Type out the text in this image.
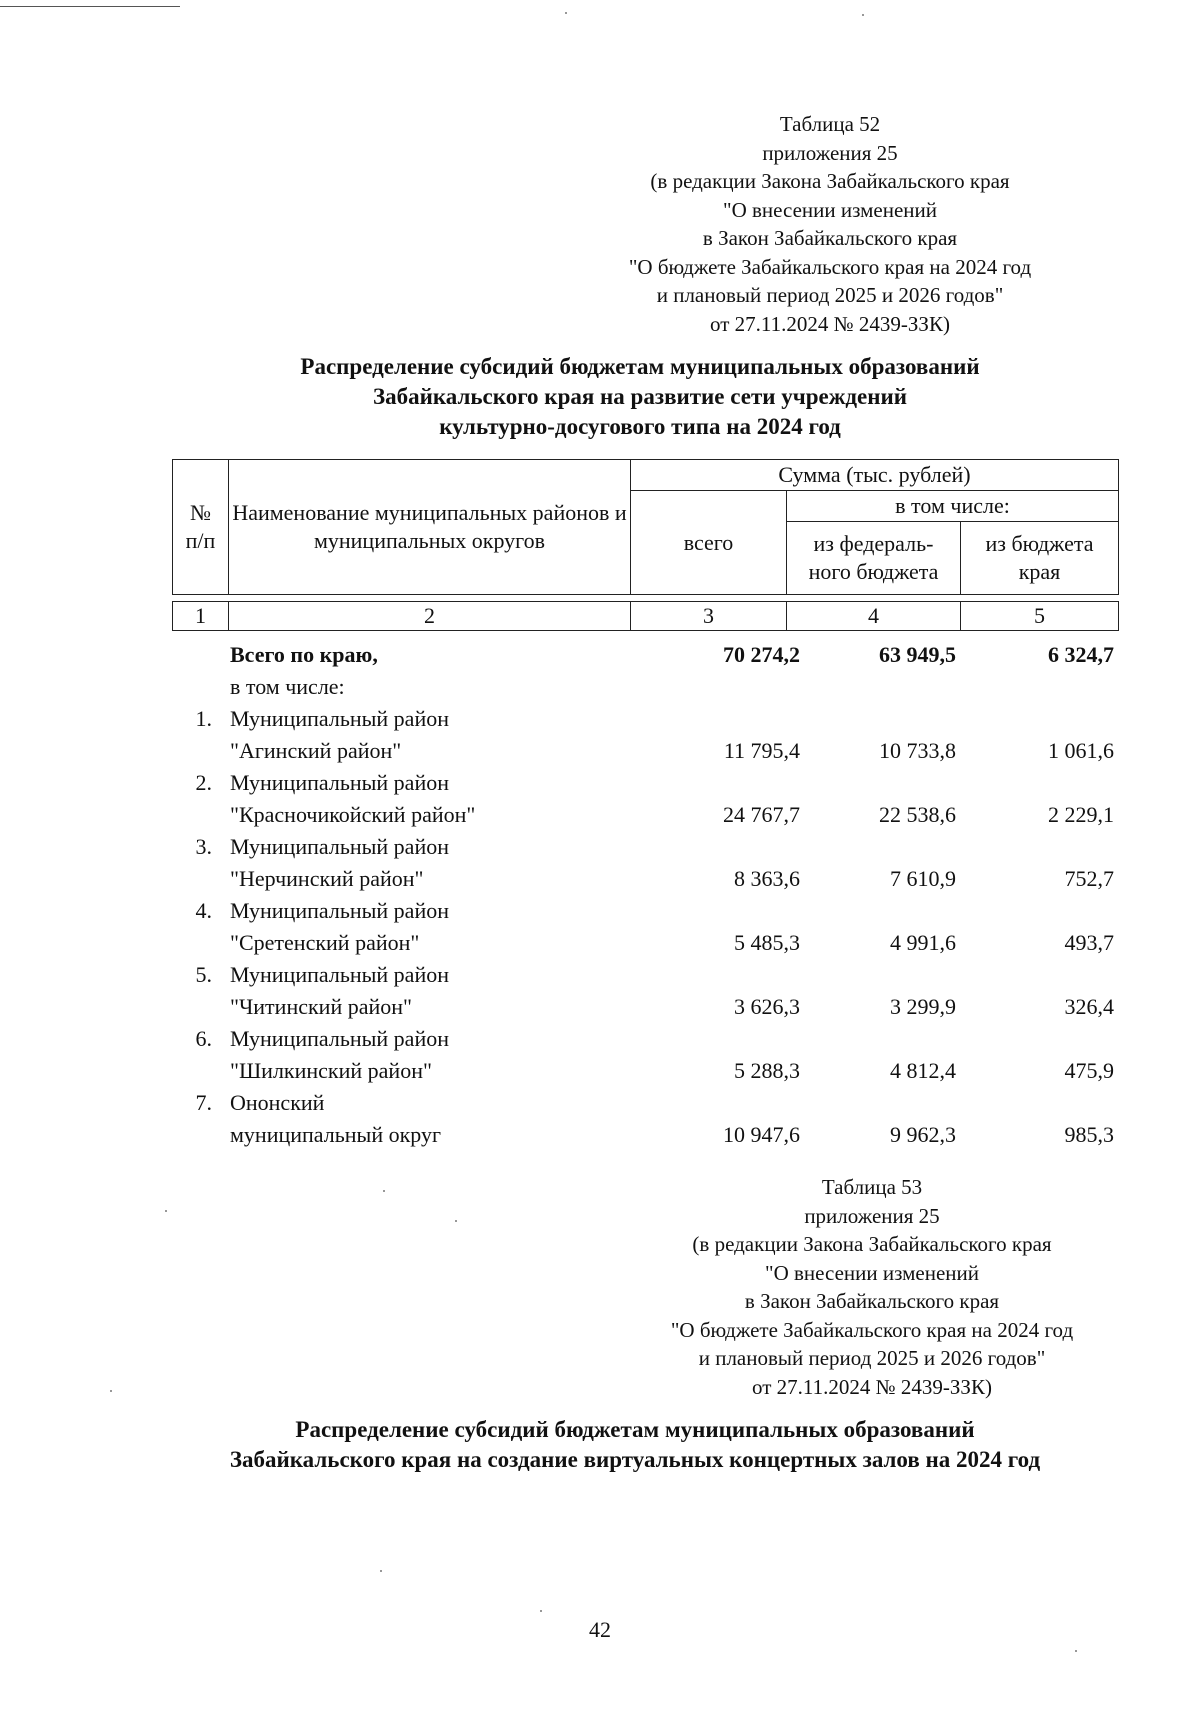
Таблица 52
приложения 25
(в редакции Закона Забайкальского края
"О внесении изменений
в Закон Забайкальского края
"О бюджете Забайкальского края на 2024 год
и плановый период 2025 и 2026 годов"
от 27.11.2024 № 2439-ЗЗК)
Распределение субсидий бюджетам муниципальных образований
Забайкальского края на развитие сети учреждений
культурно-досугового типа на 2024 год
№ п/п	Наименование муниципальных районов и муниципальных округов	Сумма (тыс. рублей)		
		всего	в том числе:	
			из федераль-ного бюджета	из бюджета края

1	2	3	4	5
Всего по краю,	70 274,2	63 949,5	6 324,7
в том числе:
1. Муниципальный район
"Агинский район"	11 795,4	10 733,8	1 061,6
2. Муниципальный район
"Красночикойский район"	24 767,7	22 538,6	2 229,1
3. Муниципальный район
"Нерчинский район"	8 363,6	7 610,9	752,7
4. Муниципальный район
"Сретенский район"	5 485,3	4 991,6	493,7
5. Муниципальный район
"Читинский район"	3 626,3	3 299,9	326,4
6. Муниципальный район
"Шилкинский район"	5 288,3	4 812,4	475,9
7. Ононский
муниципальный округ	10 947,6	9 962,3	985,3
Таблица 53
приложения 25
(в редакции Закона Забайкальского края
"О внесении изменений
в Закон Забайкальского края
"О бюджете Забайкальского края на 2024 год
и плановый период 2025 и 2026 годов"
от 27.11.2024 № 2439-ЗЗК)
Распределение субсидий бюджетам муниципальных образований
Забайкальского края на создание виртуальных концертных залов на 2024 год
42
